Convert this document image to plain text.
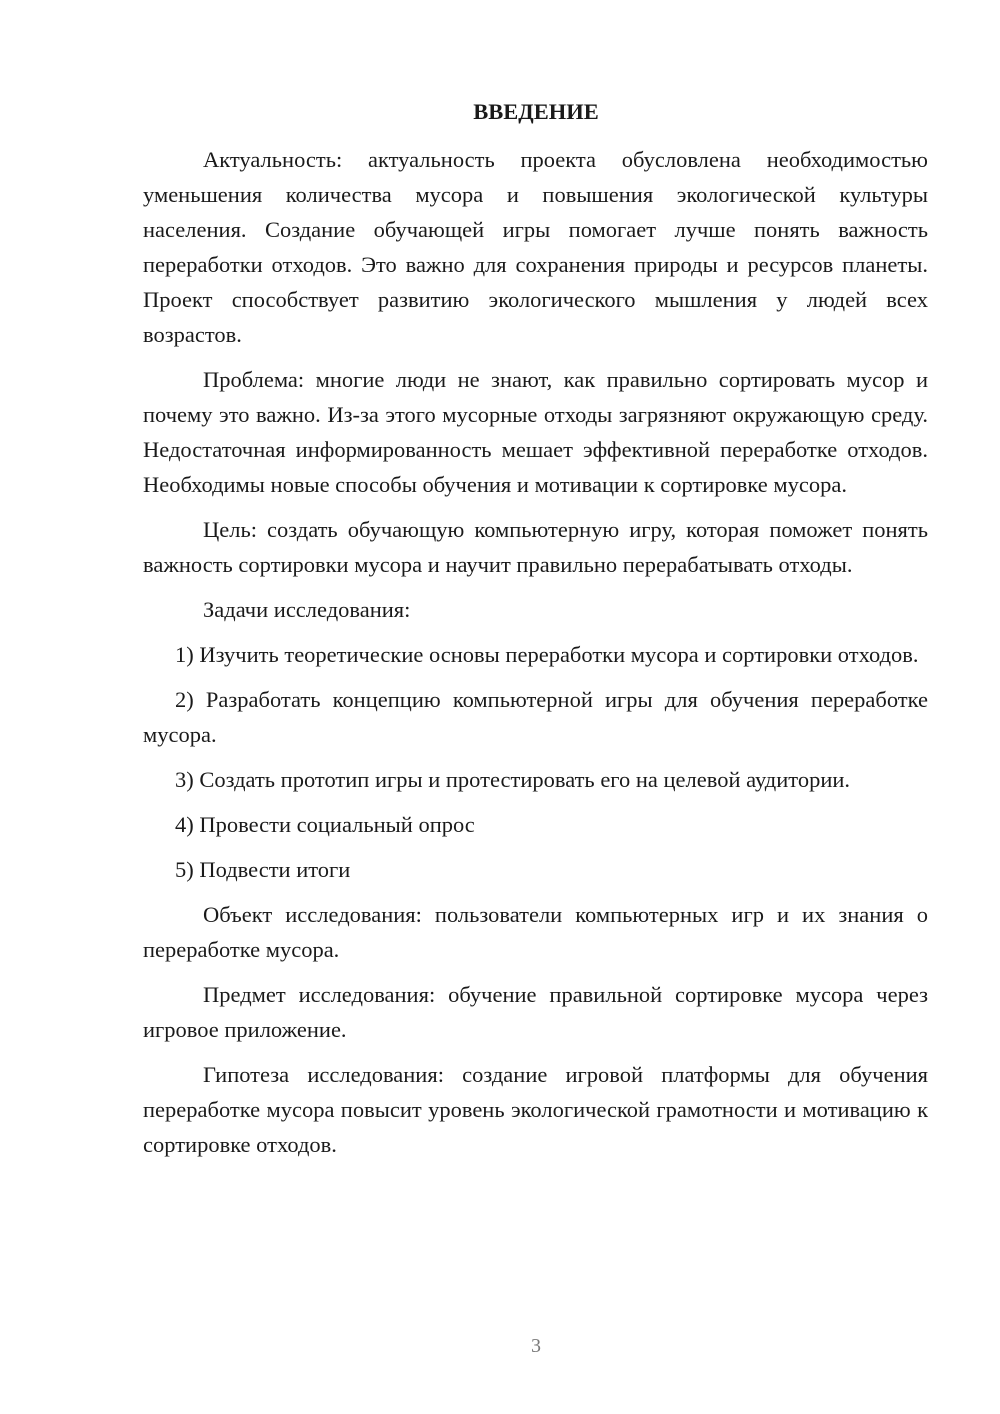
ВВЕДЕНИЕ

Актуальность: актуальность проекта обусловлена необходимостью уменьшения количества мусора и повышения экологической культуры населения. Создание обучающей игры помогает лучше понять важность переработки отходов. Это важно для сохранения природы и ресурсов планеты. Проект способствует развитию экологического мышления у людей всех возрастов.

Проблема: многие люди не знают, как правильно сортировать мусор и почему это важно. Из-за этого мусорные отходы загрязняют окружающую среду. Недостаточная информированность мешает эффективной переработке отходов. Необходимы новые способы обучения и мотивации к сортировке мусора.

Цель: создать обучающую компьютерную игру, которая поможет понять важность сортировки мусора и научит правильно перерабатывать отходы.

Задачи исследования:

1) Изучить теоретические основы переработки мусора и сортировки отходов.

2) Разработать концепцию компьютерной игры для обучения переработке мусора.

3) Создать прототип игры и протестировать его на целевой аудитории.

4) Провести социальный опрос

5) Подвести итоги

Объект исследования: пользователи компьютерных игр и их знания о переработке мусора.

Предмет исследования: обучение правильной сортировке мусора через игровое приложение.

Гипотеза исследования: создание игровой платформы для обучения переработке мусора повысит уровень экологической грамотности и мотивацию к сортировке отходов.

3
